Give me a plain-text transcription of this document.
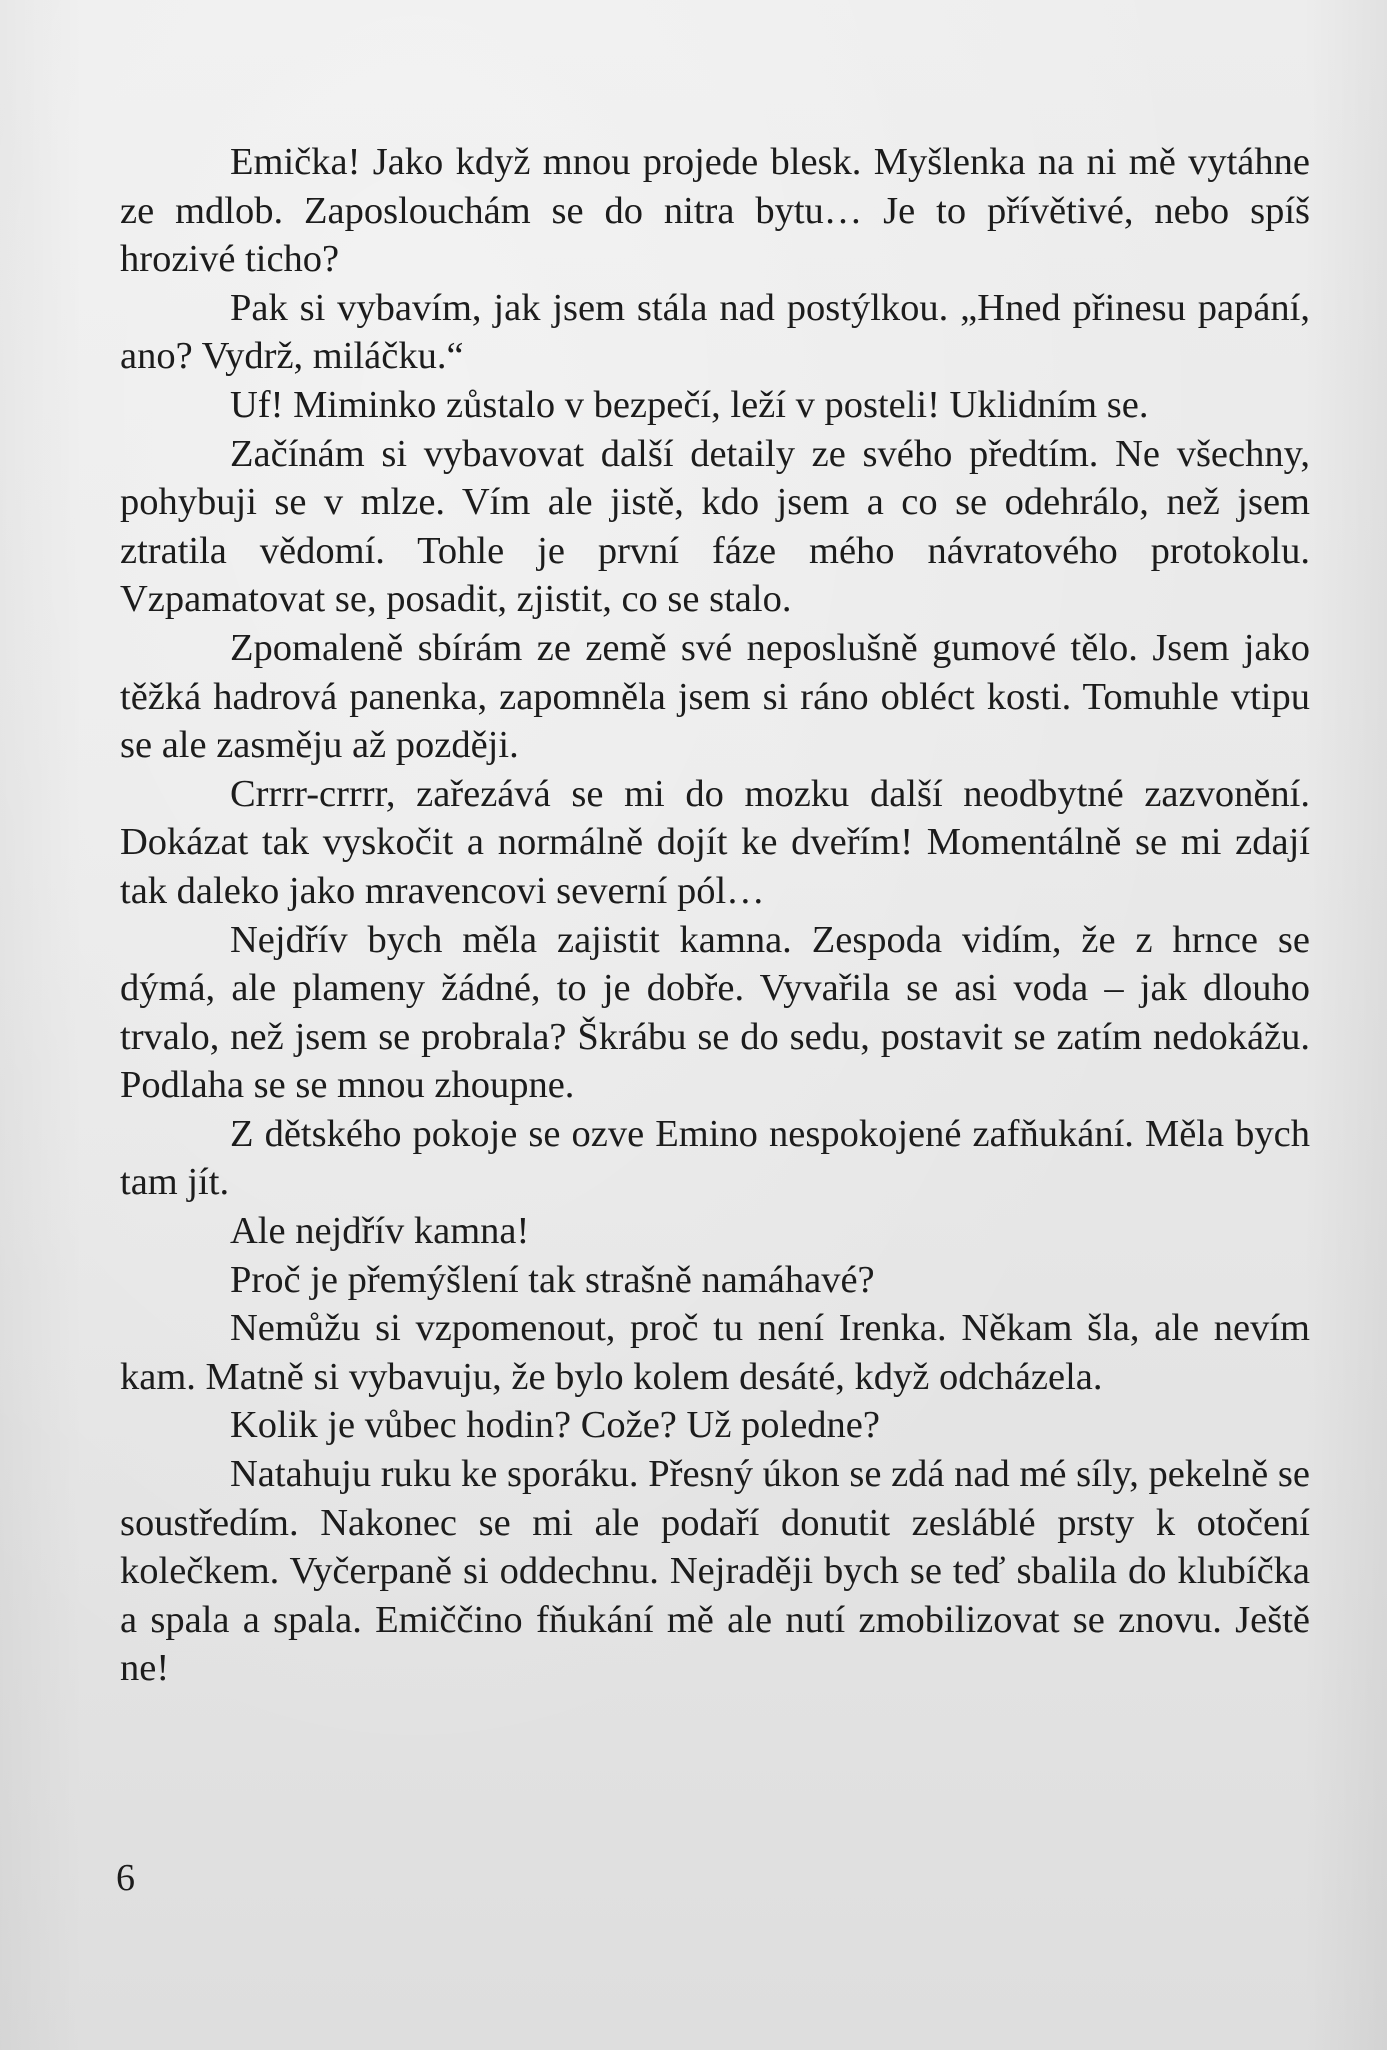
Emička! Jako když mnou projede blesk. Myšlenka na ni mě vytáhne ze mdlob. Zaposlouchám se do nitra bytu… Je to přívětivé, nebo spíš hrozivé ticho?

Pak si vybavím, jak jsem stála nad postýlkou. „Hned přinesu papání, ano? Vydrž, miláčku.“

Uf! Miminko zůstalo v bezpečí, leží v posteli! Uklidním se.

Začínám si vybavovat další detaily ze svého předtím. Ne všechny, pohybuji se v mlze. Vím ale jistě, kdo jsem a co se odehrálo, než jsem ztratila vědomí. Tohle je první fáze mého návratového protokolu. Vzpamatovat se, posadit, zjistit, co se stalo.

Zpomaleně sbírám ze země své neposlušně gumové tělo. Jsem jako těžká hadrová panenka, zapomněla jsem si ráno obléct kosti. Tomuhle vtipu se ale zasměju až později.

Crrrr-crrrr, zařezává se mi do mozku další neodbytné zazvonění. Dokázat tak vyskočit a normálně dojít ke dveřím! Momentálně se mi zdají tak daleko jako mravencovi severní pól…

Nejdřív bych měla zajistit kamna. Zespoda vidím, že z hrnce se dýmá, ale plameny žádné, to je dobře. Vyvařila se asi voda – jak dlouho trvalo, než jsem se probrala? Škrábu se do sedu, postavit se zatím nedokážu. Podlaha se se mnou zhoupne.

Z dětského pokoje se ozve Emino nespokojené zafňukání. Měla bych tam jít.

Ale nejdřív kamna!

Proč je přemýšlení tak strašně namáhavé?

Nemůžu si vzpomenout, proč tu není Irenka. Někam šla, ale nevím kam. Matně si vybavuju, že bylo kolem desáté, když odcházela.

Kolik je vůbec hodin? Cože? Už poledne?

Natahuju ruku ke sporáku. Přesný úkon se zdá nad mé síly, pekelně se soustředím. Nakonec se mi ale podaří donutit zesláblé prsty k otočení kolečkem. Vyčerpaně si oddechnu. Nejraději bych se teď sbalila do klubíčka a spala a spala. Emiččino fňukání mě ale nutí zmobilizovat se znovu. Ještě ne!

6
